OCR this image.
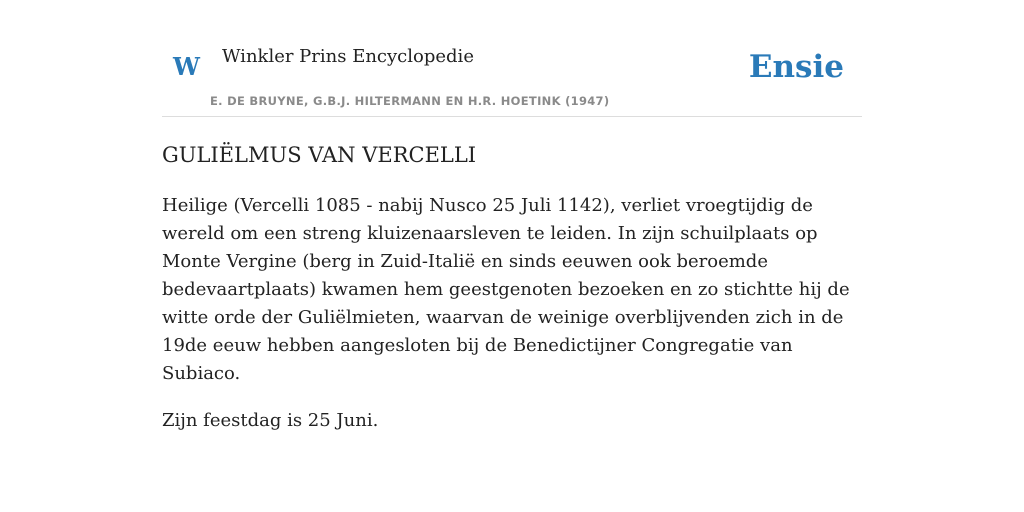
W Winkler Prins Encyclopedie
E. DE BRUYNE, G.B.J. HILTERMANN EN H.R. HOETINK (1947)
Ensie
GULIËLMUS VAN VERCELLI

Heilige (Vercelli 1085 - nabij Nusco 25 Juli 1142), verliet vroegtijdig de wereld om een streng kluizenaarsleven te leiden. In zijn schuilplaats op Monte Vergine (berg in Zuid-Italië en sinds eeuwen ook beroemde bedevaartplaats) kwamen hem geestgenoten bezoeken en zo stichtte hij de witte orde der Guliëlmieten, waarvan de weinige overblijvenden zich in de 19de eeuw hebben aangesloten bij de Benedictijner Congregatie van Subiaco.

Zijn feestdag is 25 Juni.
